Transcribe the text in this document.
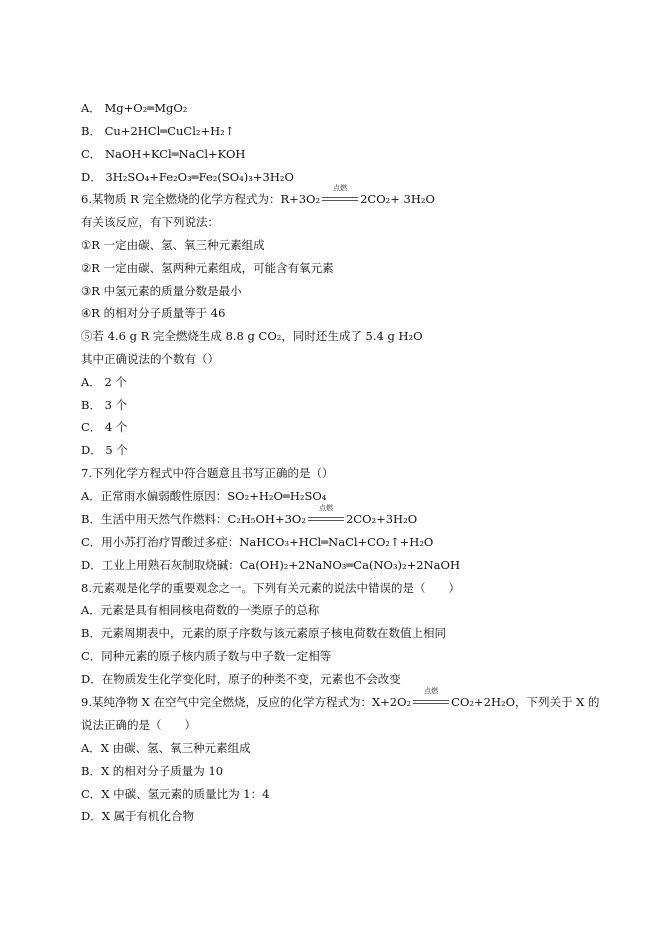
A． Mg+O₂═MgO₂
B． Cu+2HCl═CuCl₂+H₂↑
C． NaOH+KCl═NaCl+KOH
D． 3H₂SO₄+Fe₂O₃═Fe₂(SO₄)₃+3H₂O
6.某物质 R 完全燃烧的化学方程式为：R+3O₂
点燃
2CO₂+ 3H₂O
有关该反应，有下列说法：
①R 一定由碳、氢、氧三种元素组成
②R 一定由碳、氢两种元素组成，可能含有氧元素
③R 中氢元素的质量分数是最小
④R 的相对分子质量等于 46
⑤若 4.6 g R 完全燃烧生成 8.8 g CO₂，同时还生成了 5.4 g H₂O
其中正确说法的个数有（）
A． 2 个
B． 3 个
C． 4 个
D． 5 个
7.下列化学方程式中符合题意且书写正确的是（）
A．正常雨水偏弱酸性原因：SO₂+H₂O═H₂SO₄
B．生活中用天然气作燃料：C₂H₅OH+3O₂
点燃
2CO₂+3H₂O
C．用小苏打治疗胃酸过多症：NaHCO₃+HCl═NaCl+CO₂↑+H₂O
D．工业上用熟石灰制取烧碱：Ca(OH)₂+2NaNO₃═Ca(NO₃)₂+2NaOH
8.元素观是化学的重要观念之一。下列有关元素的说法中错误的是（　　）
A．元素是具有相同核电荷数的一类原子的总称
B．元素周期表中，元素的原子序数与该元素原子核电荷数在数值上相同
C．同种元素的原子核内质子数与中子数一定相等
D．在物质发生化学变化时，原子的种类不变，元素也不会改变
9.某纯净物 X 在空气中完全燃烧，反应的化学方程式为：X+2O₂
点燃
CO₂+2H₂O，下列关于 X 的
说法正确的是（　　）
A．X 由碳、氢、氧三种元素组成
B．X 的相对分子质量为 10
C．X 中碳、氢元素的质量比为 1：4
D．X 属于有机化合物
